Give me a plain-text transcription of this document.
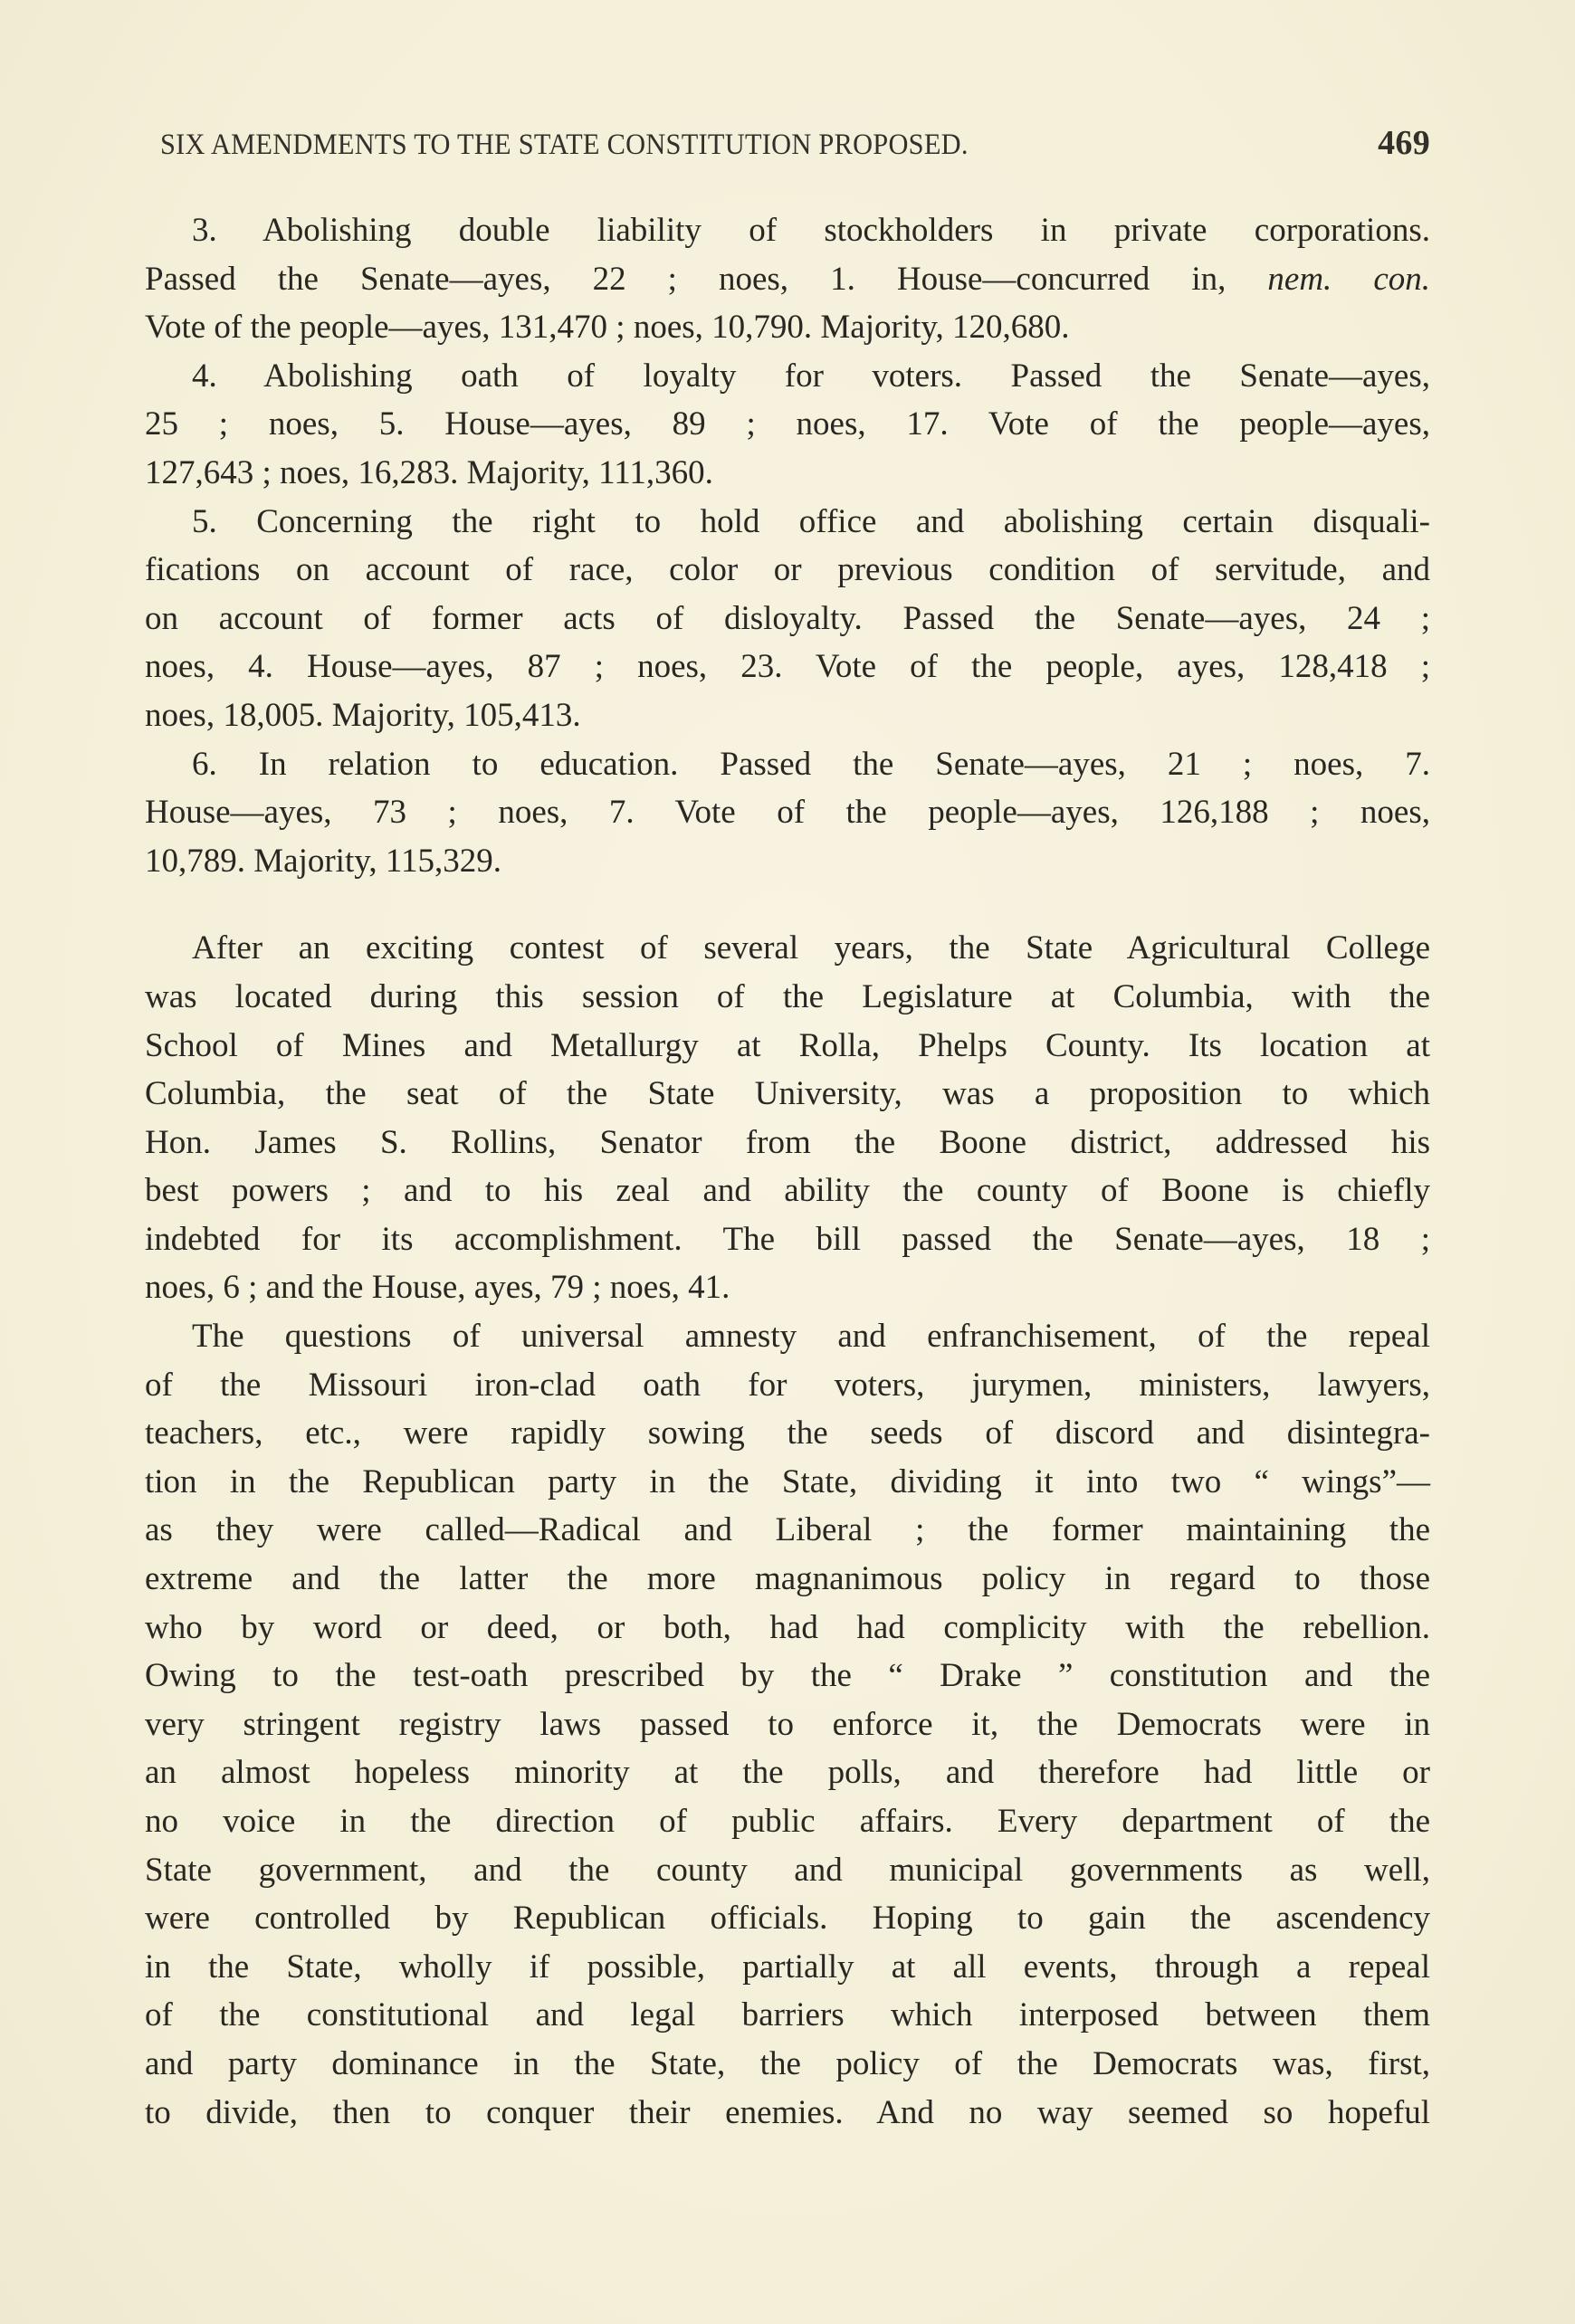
SIX AMENDMENTS TO THE STATE CONSTITUTION PROPOSED.	469
3. Abolishing double liability of stockholders in private corporations.
Passed the Senate—ayes, 22 ; noes, 1. House—concurred in, nem. con.
Vote of the people—ayes, 131,470 ; noes, 10,790. Majority, 120,680.
4. Abolishing oath of loyalty for voters. Passed the Senate—ayes,
25 ; noes, 5. House—ayes, 89 ; noes, 17. Vote of the people—ayes,
127,643 ; noes, 16,283. Majority, 111,360.
5. Concerning the right to hold office and abolishing certain disquali-
fications on account of race, color or previous condition of servitude, and
on account of former acts of disloyalty. Passed the Senate—ayes, 24 ;
noes, 4. House—ayes, 87 ; noes, 23. Vote of the people, ayes, 128,418 ;
noes, 18,005. Majority, 105,413.
6. In relation to education. Passed the Senate—ayes, 21 ; noes, 7.
House—ayes, 73 ; noes, 7. Vote of the people—ayes, 126,188 ; noes,
10,789. Majority, 115,329.
After an exciting contest of several years, the State Agricultural College
was located during this session of the Legislature at Columbia, with the
School of Mines and Metallurgy at Rolla, Phelps County. Its location at
Columbia, the seat of the State University, was a proposition to which
Hon. James S. Rollins, Senator from the Boone district, addressed his
best powers ; and to his zeal and ability the county of Boone is chiefly
indebted for its accomplishment. The bill passed the Senate—ayes, 18 ;
noes, 6 ; and the House, ayes, 79 ; noes, 41.
The questions of universal amnesty and enfranchisement, of the repeal
of the Missouri iron-clad oath for voters, jurymen, ministers, lawyers,
teachers, etc., were rapidly sowing the seeds of discord and disintegra-
tion in the Republican party in the State, dividing it into two “ wings”—
as they were called—Radical and Liberal ; the former maintaining the
extreme and the latter the more magnanimous policy in regard to those
who by word or deed, or both, had had complicity with the rebellion.
Owing to the test-oath prescribed by the “ Drake ” constitution and the
very stringent registry laws passed to enforce it, the Democrats were in
an almost hopeless minority at the polls, and therefore had little or
no voice in the direction of public affairs. Every department of the
State government, and the county and municipal governments as well,
were controlled by Republican officials. Hoping to gain the ascendency
in the State, wholly if possible, partially at all events, through a repeal
of the constitutional and legal barriers which interposed between them
and party dominance in the State, the policy of the Democrats was, first,
to divide, then to conquer their enemies. And no way seemed so hopeful
